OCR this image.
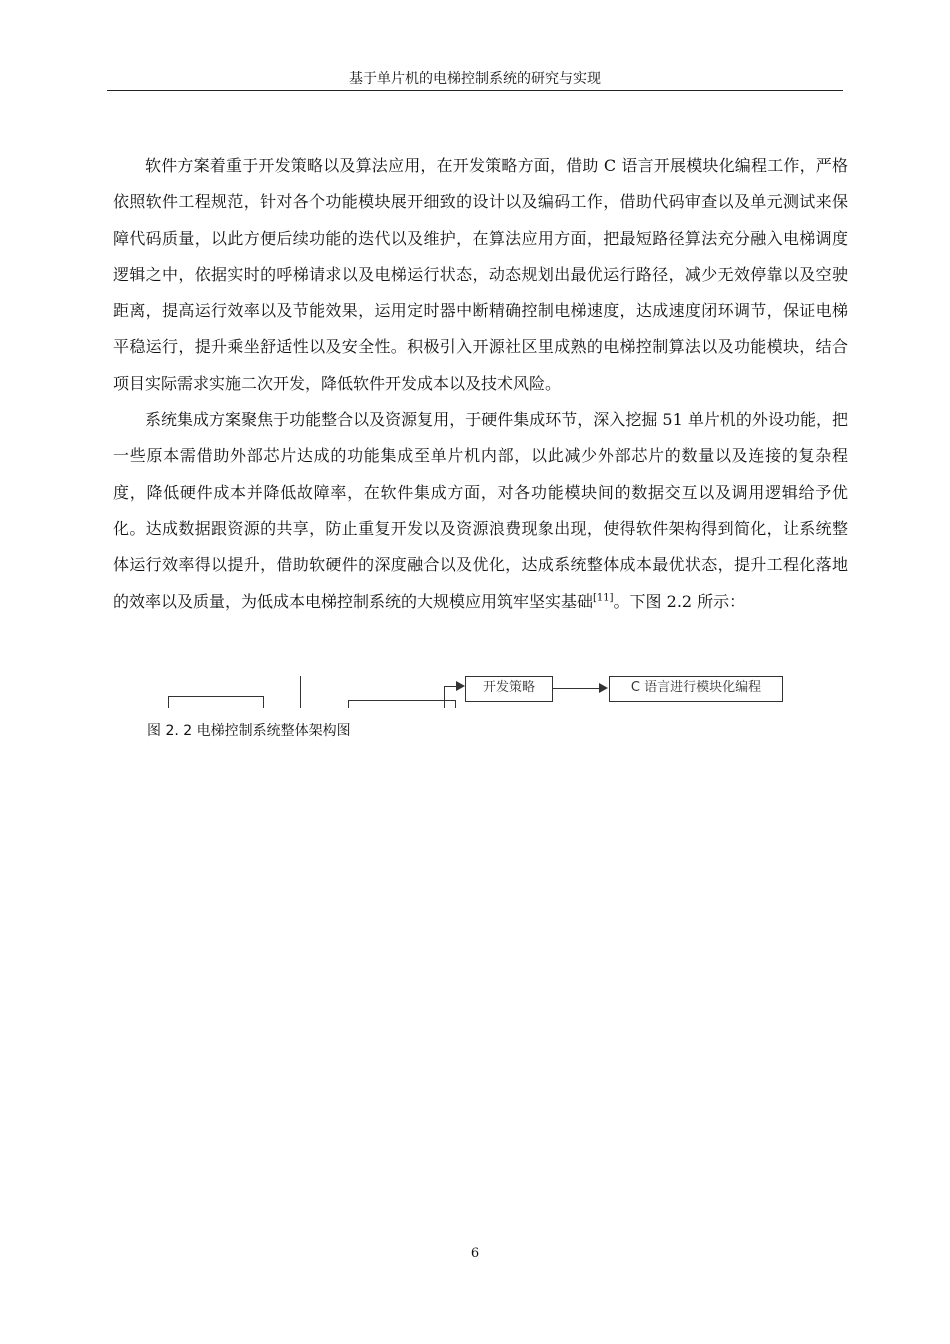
基于单片机的电梯控制系统的研究与实现

软件方案着重于开发策略以及算法应用，在开发策略方面，借助 C 语言开展模块化编程工作，严格依照软件工程规范，针对各个功能模块展开细致的设计以及编码工作，借助代码审查以及单元测试来保障代码质量，以此方便后续功能的迭代以及维护，在算法应用方面，把最短路径算法充分融入电梯调度逻辑之中，依据实时的呼梯请求以及电梯运行状态，动态规划出最优运行路径，减少无效停靠以及空驶距离，提高运行效率以及节能效果，运用定时器中断精确控制电梯速度，达成速度闭环调节，保证电梯平稳运行，提升乘坐舒适性以及安全性。积极引入开源社区里成熟的电梯控制算法以及功能模块，结合项目实际需求实施二次开发，降低软件开发成本以及技术风险。

系统集成方案聚焦于功能整合以及资源复用，于硬件集成环节，深入挖掘 51 单片机的外设功能，把一些原本需借助外部芯片达成的功能集成至单片机内部，以此减少外部芯片的数量以及连接的复杂程度，降低硬件成本并降低故障率，在软件集成方面，对各功能模块间的数据交互以及调用逻辑给予优化。达成数据跟资源的共享，防止重复开发以及资源浪费现象出现，使得软件架构得到简化，让系统整体运行效率得以提升，借助软硬件的深度融合以及优化，达成系统整体成本最优状态，提升工程化落地的效率以及质量，为低成本电梯控制系统的大规模应用筑牢坚实基础[11]。下图 2.2 所示：

开发策略	C 语言进行模块化编程
图 2. 2 电梯控制系统整体架构图
6
